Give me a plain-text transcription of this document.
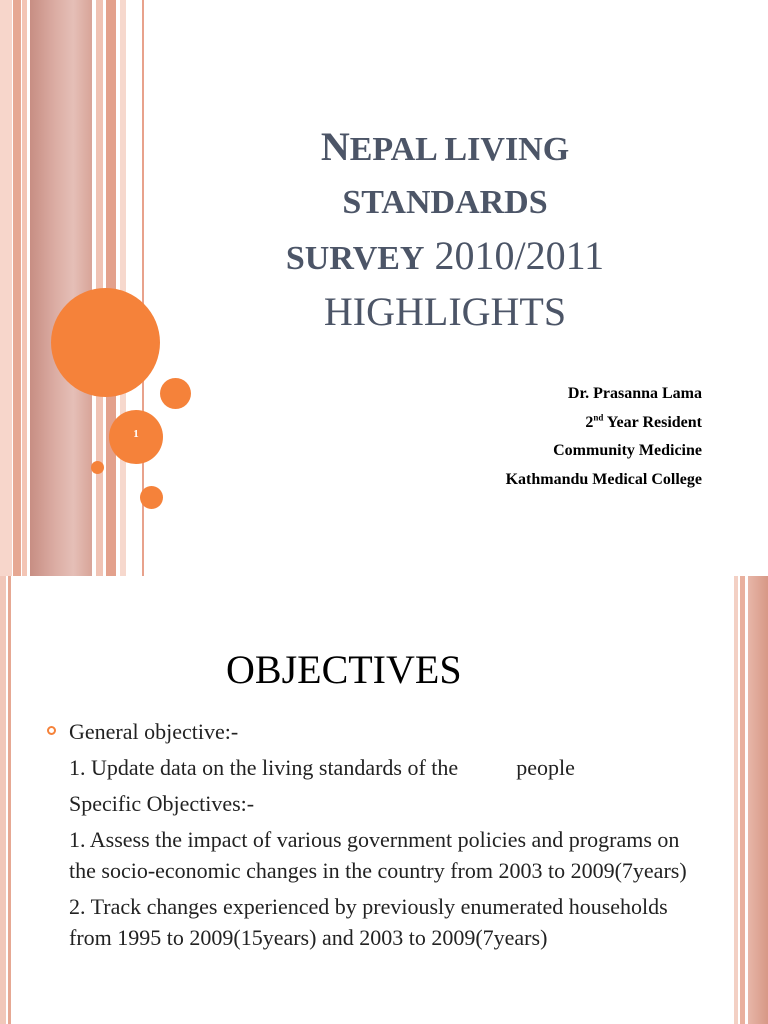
1
NEPAL LIVING
STANDARDS
SURVEY 2010/2011
HIGHLIGHTS
Dr. Prasanna Lama
2nd Year Resident
Community Medicine
Kathmandu Medical College
OBJECTIVES

General objective:-

1. Update data on the living standards of the	people

Specific Objectives:-

1. Assess the impact of various government policies and programs on the socio-economic changes in the country from 2003 to 2009(7years)

2. Track changes experienced by previously enumerated households from 1995 to 2009(15years) and 2003 to 2009(7years)
